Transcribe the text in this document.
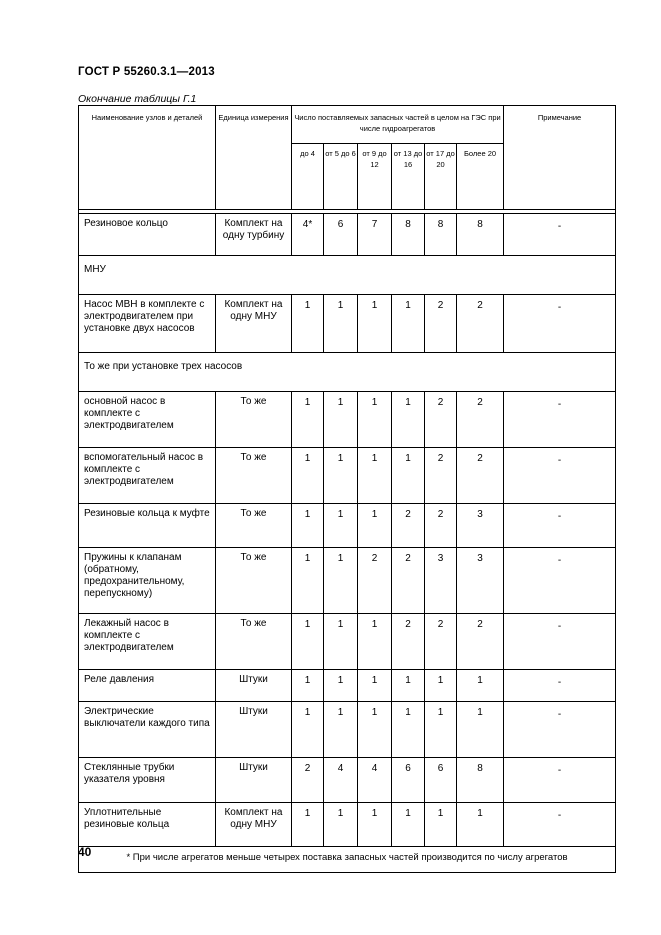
ГОСТ Р 55260.3.1—2013
Окончание таблицы Г.1
Наименование узлов и деталей	Единица измерения	Число поставляемых запасных частей в целом на ГЭС при числе гидроагрегатов						Примечание
		до 4	от 5 до 6	от 9 до 12	от 13 до 16	от 17 до 20	Более 20	

Резиновое кольцо	Комплект на одну турбину	4*	6	7	8	8	8	-
МНУ								
Насос МВН в комплекте с электродвигателем при установке двух насосов	Комплект на одну МНУ	1	1	1	1	2	2	-
То же при установке трех насосов								
основной насос в комплекте с электродвигателем	То же	1	1	1	1	2	2	-
вспомогательный насос в комплекте с электродвигателем	То же	1	1	1	1	2	2	-
Резиновые кольца к муфте	То же	1	1	1	2	2	3	-
Пружины к клапанам (обратному, предохранительному, перепускному)	То же	1	1	2	2	3	3	-
Лекажный насос в комплекте с электродвигателем	То же	1	1	1	2	2	2	-
Реле давления	Штуки	1	1	1	1	1	1	-
Электрические выключатели каждого типа	Штуки	1	1	1	1	1	1	-
Стеклянные трубки указателя уровня	Штуки	2	4	4	6	6	8	-
Уплотнительные резиновые кольца	Комплект на одну МНУ	1	1	1	1	1	1	-
* При числе агрегатов меньше четырех поставка запасных частей производится по числу агрегатов								
40
